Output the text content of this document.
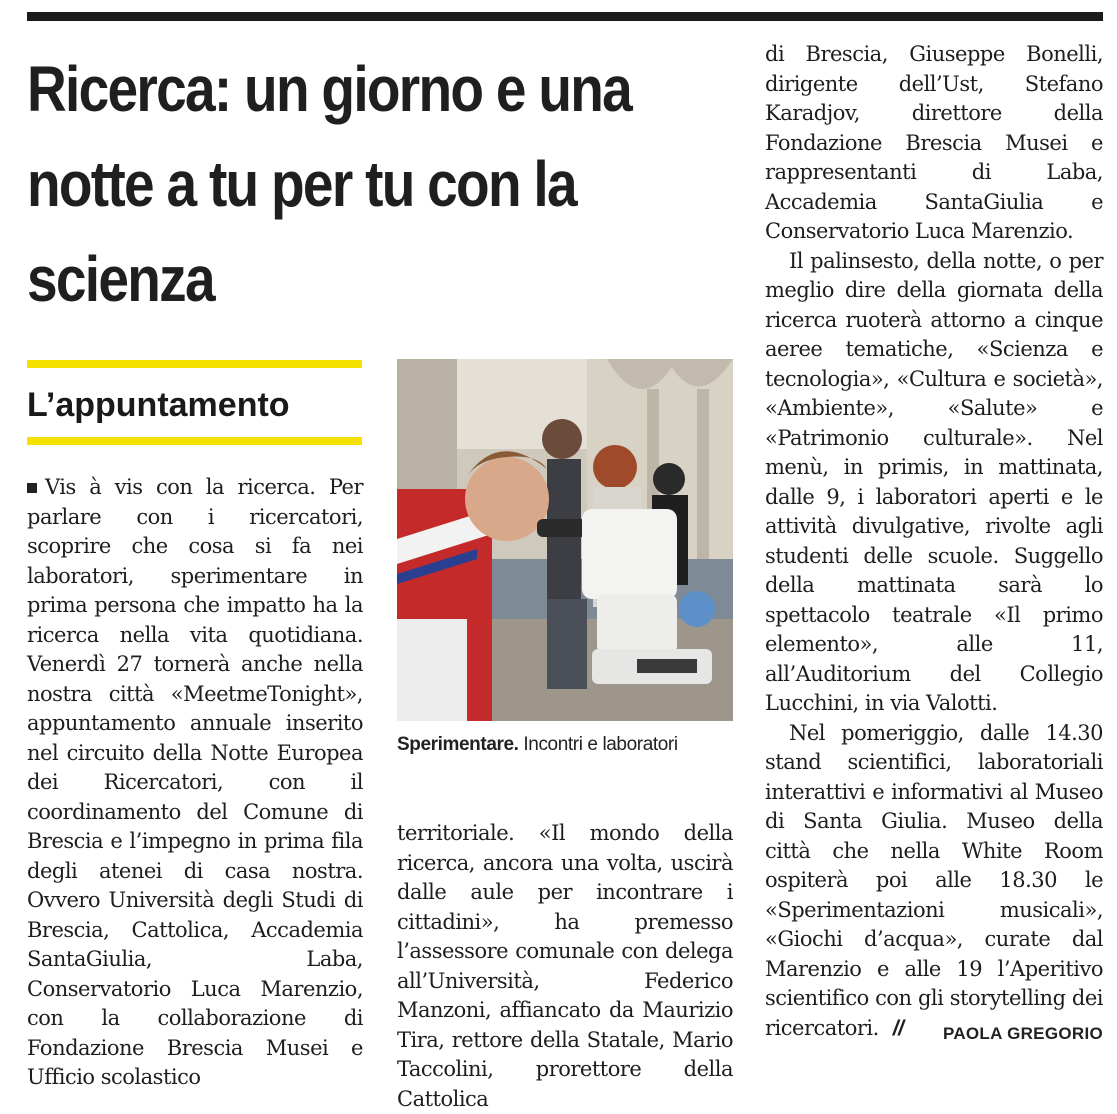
Ricerca: un giorno e una notte a tu per tu con la scienza
L’appuntamento

Vis à vis con la ricerca. Per parlare con i ricercatori, scoprire che cosa si fa nei laboratori, sperimentare in prima persona che impatto ha la ricerca nella vita quotidiana. Venerdì 27 tornerà anche nella nostra città «MeetmeTonight», appuntamento annuale inserito nel circuito della Notte Europea dei Ricercatori, con il coordinamento del Comune di Brescia e l’impegno in prima fila degli atenei di casa nostra. Ovvero Università degli Studi di Brescia, Cattolica, Accademia SantaGiulia, Laba, Conservatorio Luca Marenzio, con la collaborazione di Fondazione Brescia Musei e Ufficio scolastico

Sperimentare. Incontri e laboratori

territoriale. «Il mondo della ricerca, ancora una volta, uscirà dalle aule per incontrare i cittadini», ha premesso l’assessore comunale con delega all’Università, Federico Manzoni, affiancato da Maurizio Tira, rettore della Statale, Mario Taccolini, prorettore della Cattolica

di Brescia, Giuseppe Bonelli, dirigente dell’Ust, Stefano Karadjov, direttore della Fondazione Brescia Musei e rappresentanti di Laba, Accademia SantaGiulia e Conservatorio Luca Marenzio.

Il palinsesto, della notte, o per meglio dire della giornata della ricerca ruoterà attorno a cinque aeree tematiche, «Scienza e tecnologia», «Cultura e società», «Ambiente», «Salute» e «Patrimonio culturale». Nel menù, in primis, in mattinata, dalle 9, i laboratori aperti e le attività divulgative, rivolte agli studenti delle scuole. Suggello della mattinata sarà lo spettacolo teatrale «Il primo elemento», alle 11, all’Auditorium del Collegio Lucchini, in via Valotti.

Nel pomeriggio, dalle 14.30 stand scientifici, laboratoriali interattivi e informativi al Museo di Santa Giulia. Museo della città che nella White Room ospiterà poi alle 18.30 le «Sperimentazioni musicali», «Giochi d’acqua», curate dal Marenzio e alle 19 l’Aperitivo scientifico con gli storytelling dei ricercatori. //	PAOLA GREGORIO
